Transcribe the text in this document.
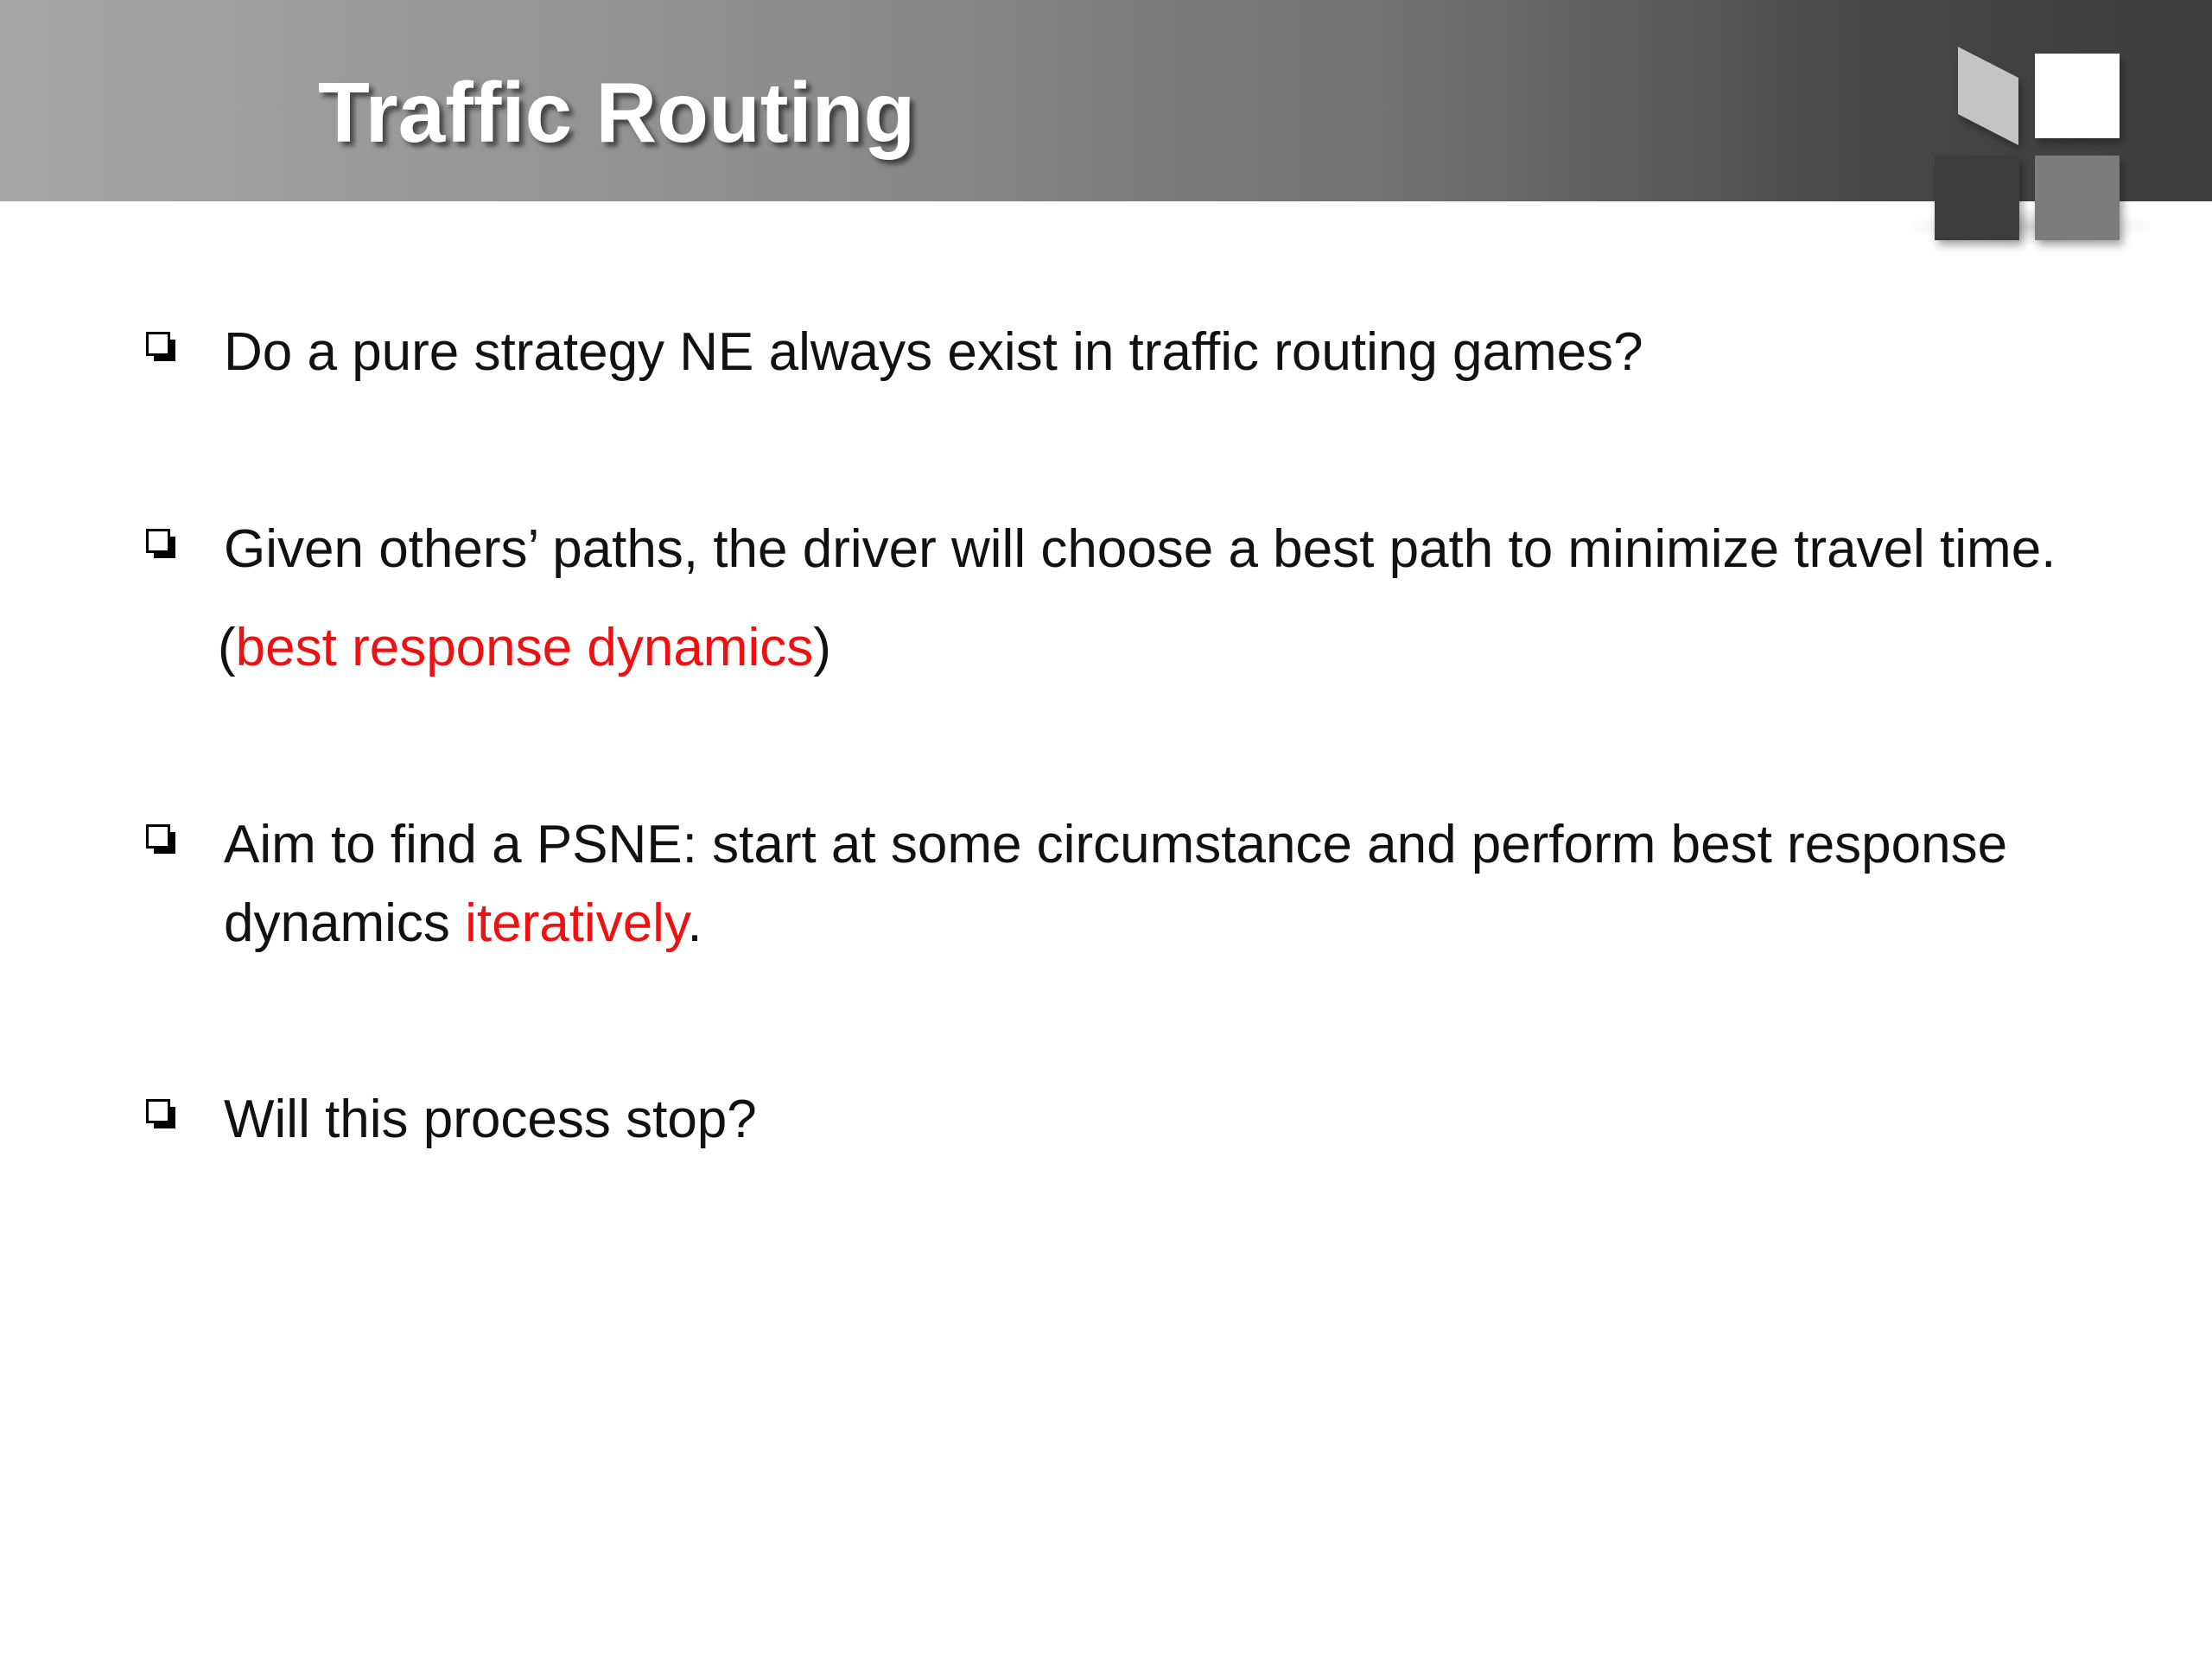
Traffic Routing
Do a pure strategy NE always exist in traffic routing games?
Given others’ paths, the driver will choose a best path to minimize travel time.
(best response dynamics)
Aim to find a PSNE: start at some circumstance and perform best response
dynamics iteratively.
Will this process stop?
